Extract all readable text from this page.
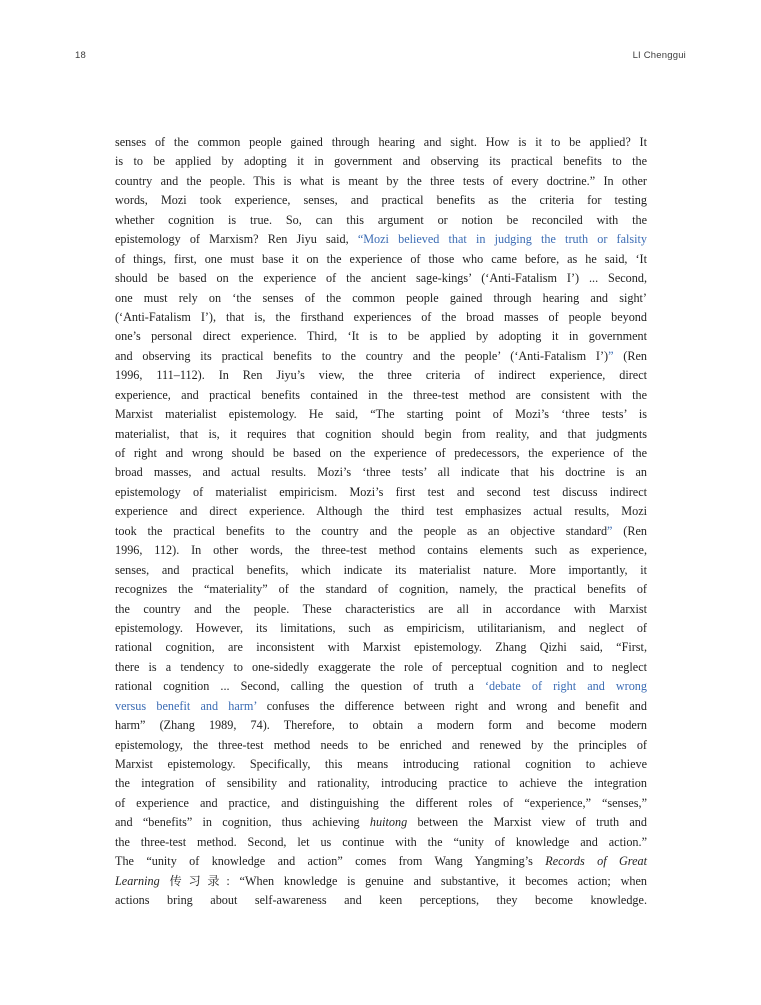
18	LI Chenggui
senses of the common people gained through hearing and sight. How is it to be applied? It
is to be applied by adopting it in government and observing its practical benefits to the
country and the people. This is what is meant by the three tests of every doctrine.” In other
words, Mozi took experience, senses, and practical benefits as the criteria for testing
whether cognition is true. So, can this argument or notion be reconciled with the
epistemology of Marxism? Ren Jiyu said, “Mozi believed that in judging the truth or falsity
of things, first, one must base it on the experience of those who came before, as he said, ‘It
should be based on the experience of the ancient sage-kings’ (‘Anti-Fatalism I’) ... Second,
one must rely on ‘the senses of the common people gained through hearing and sight’
(‘Anti-Fatalism I’), that is, the firsthand experiences of the broad masses of people beyond
one’s personal direct experience. Third, ‘It is to be applied by adopting it in government
and observing its practical benefits to the country and the people’ (‘Anti-Fatalism I’)” (Ren
1996, 111–112). In Ren Jiyu’s view, the three criteria of indirect experience, direct
experience, and practical benefits contained in the three-test method are consistent with the
Marxist materialist epistemology. He said, “The starting point of Mozi’s ‘three tests’ is
materialist, that is, it requires that cognition should begin from reality, and that judgments
of right and wrong should be based on the experience of predecessors, the experience of the
broad masses, and actual results. Mozi’s ‘three tests’ all indicate that his doctrine is an
epistemology of materialist empiricism. Mozi’s first test and second test discuss indirect
experience and direct experience. Although the third test emphasizes actual results, Mozi
took the practical benefits to the country and the people as an objective standard” (Ren
1996, 112). In other words, the three-test method contains elements such as experience,
senses, and practical benefits, which indicate its materialist nature. More importantly, it
recognizes the “materiality” of the standard of cognition, namely, the practical benefits of
the country and the people. These characteristics are all in accordance with Marxist
epistemology. However, its limitations, such as empiricism, utilitarianism, and neglect of
rational cognition, are inconsistent with Marxist epistemology. Zhang Qizhi said, “First,
there is a tendency to one-sidedly exaggerate the role of perceptual cognition and to neglect
rational cognition ... Second, calling the question of truth a ‘debate of right and wrong
versus benefit and harm’ confuses the difference between right and wrong and benefit and
harm” (Zhang 1989, 74). Therefore, to obtain a modern form and become modern
epistemology, the three-test method needs to be enriched and renewed by the principles of
Marxist epistemology. Specifically, this means introducing rational cognition to achieve
the integration of sensibility and rationality, introducing practice to achieve the integration
of experience and practice, and distinguishing the different roles of “experience,” “senses,”
and “benefits” in cognition, thus achieving huitong between the Marxist view of truth and
the three-test method. Second, let us continue with the “unity of knowledge and action.”
The “unity of knowledge and action” comes from Wang Yangming’s Records of Great
Learning 传习录: “When knowledge is genuine and substantive, it becomes action; when
actions bring about self-awareness and keen perceptions, they become knowledge.
